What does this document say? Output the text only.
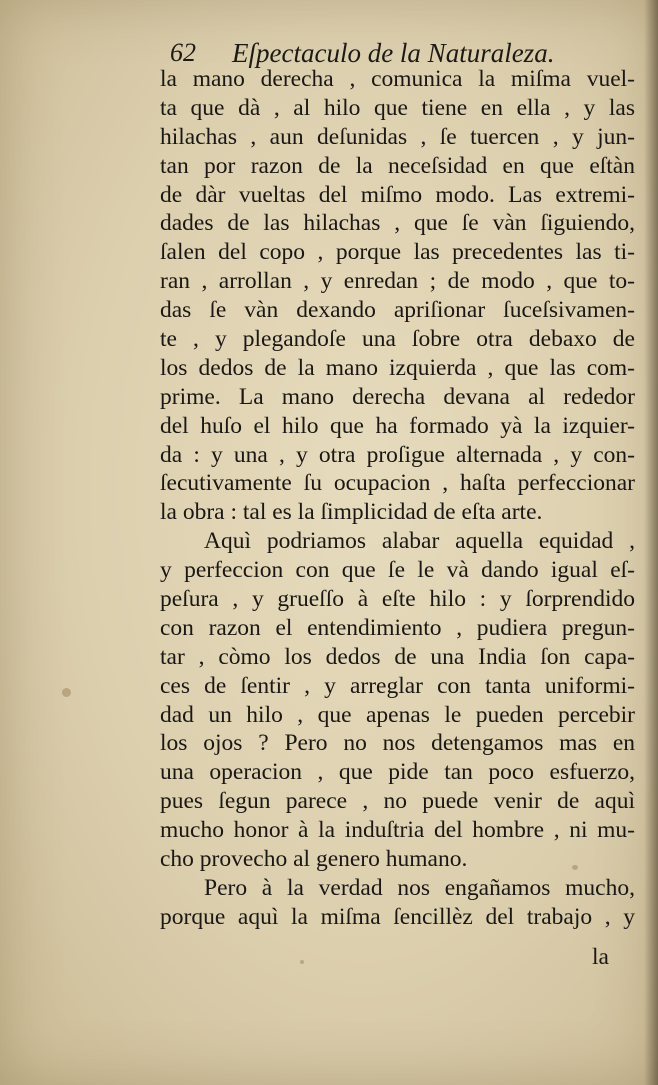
62 Eſpectaculo de la Naturaleza.
la mano derecha , comunica la miſma vuel-
ta que dà , al hilo que tiene en ella , y las
hilachas , aun deſunidas , ſe tuercen , y jun-
tan por razon de la neceſsidad en que eſtàn
de dàr vueltas del miſmo modo. Las extremi-
dades de las hilachas , que ſe vàn ſiguiendo,
ſalen del copo , porque las precedentes las ti-
ran , arrollan , y enredan ; de modo , que to-
das ſe vàn dexando apriſionar ſuceſsivamen-
te , y plegandoſe una ſobre otra debaxo de
los dedos de la mano izquierda , que las com-
prime. La mano derecha devana al rededor
del huſo el hilo que ha formado yà la izquier-
da : y una , y otra proſigue alternada , y con-
ſecutivamente ſu ocupacion , haſta perfeccionar
la obra : tal es la ſimplicidad de eſta arte.
Aquì podriamos alabar aquella equidad ,
y perfeccion con que ſe le và dando igual eſ-
peſura , y grueſſo à eſte hilo : y ſorprendido
con razon el entendimiento , pudiera pregun-
tar , còmo los dedos de una India ſon capa-
ces de ſentir , y arreglar con tanta uniformi-
dad un hilo , que apenas le pueden percebir
los ojos ? Pero no nos detengamos mas en
una operacion , que pide tan poco esfuerzo,
pues ſegun parece , no puede venir de aquì
mucho honor à la induſtria del hombre , ni mu-
cho provecho al genero humano.
Pero à la verdad nos engañamos mucho,
porque aquì la miſma ſencillèz del trabajo , y
la
